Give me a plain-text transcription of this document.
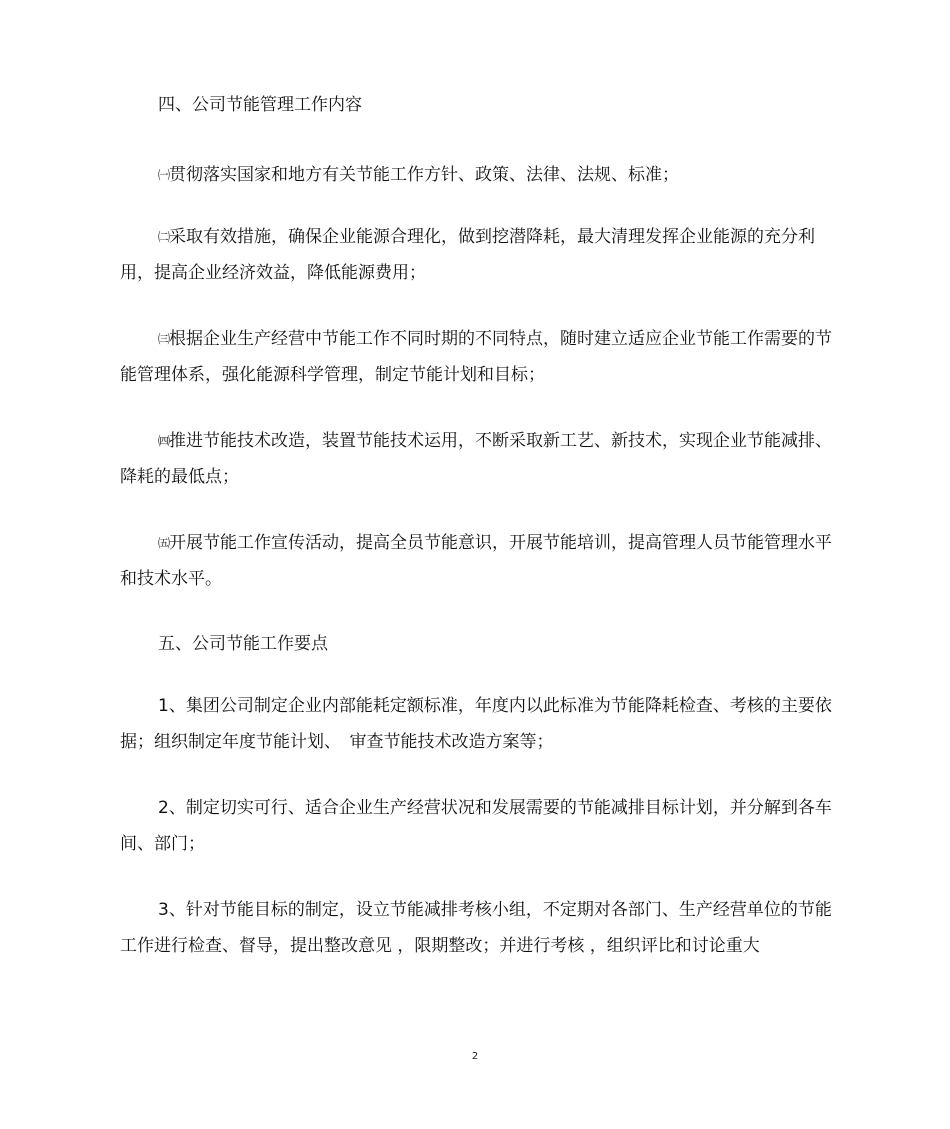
四、公司节能管理工作内容

㈠贯彻落实国家和地方有关节能工作方针、政策、法律、法规、标准；

㈡采取有效措施，确保企业能源合理化，做到挖潜降耗，最大清理发挥企业能源的充分利用，提高企业经济效益，降低能源费用；

㈢根据企业生产经营中节能工作不同时期的不同特点，随时建立适应企业节能工作需要的节能管理体系，强化能源科学管理，制定节能计划和目标；

㈣推进节能技术改造，装置节能技术运用，不断采取新工艺、新技术，实现企业节能减排、降耗的最低点；

㈤开展节能工作宣传活动，提高全员节能意识，开展节能培训，提高管理人员节能管理水平和技术水平。

五、公司节能工作要点

1、集团公司制定企业内部能耗定额标准，年度内以此标准为节能降耗检查、考核的主要依据；组织制定年度节能计划、　审查节能技术改造方案等；

2、制定切实可行、适合企业生产经营状况和发展需要的节能减排目标计划，并分解到各车间、部门；

3、针对节能目标的制定，设立节能减排考核小组，不定期对各部门、生产经营单位的节能工作进行检查、督导，提出整改意见 ，限期整改；并进行考核 ，组织评比和讨论重大

2
